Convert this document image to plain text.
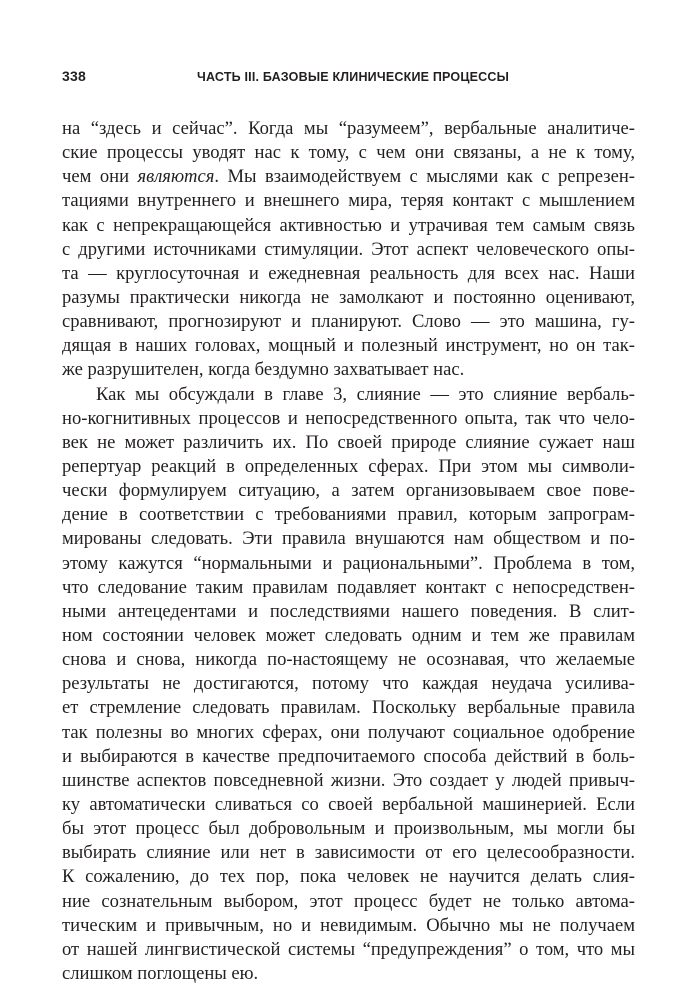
338	ЧАСТЬ III. БАЗОВЫЕ КЛИНИЧЕСКИЕ ПРОЦЕССЫ

на “здесь и сейчас”. Когда мы “разумеем”, вербальные аналитиче-
ские процессы уводят нас к тому, с чем они связаны, а не к тому,
чем они являются. Мы взаимодействуем с мыслями как с репрезен-
тациями внутреннего и внешнего мира, теряя контакт с мышлением
как с непрекращающейся активностью и утрачивая тем самым связь
с другими источниками стимуляции. Этот аспект человеческого опы-
та — круглосуточная и ежедневная реальность для всех нас. Наши
разумы практически никогда не замолкают и постоянно оценивают,
сравнивают, прогнозируют и планируют. Слово — это машина, гу-
дящая в наших головах, мощный и полезный инструмент, но он так-
же разрушителен, когда бездумно захватывает нас.

Как мы обсуждали в главе 3, слияние — это слияние вербаль-
но-когнитивных процессов и непосредственного опыта, так что чело-
век не может различить их. По своей природе слияние сужает наш
репертуар реакций в определенных сферах. При этом мы символи-
чески формулируем ситуацию, а затем организовываем свое пове-
дение в соответствии с требованиями правил, которым запрограм-
мированы следовать. Эти правила внушаются нам обществом и по-
этому кажутся “нормальными и рациональными”. Проблема в том,
что следование таким правилам подавляет контакт с непосредствен-
ными антецедентами и последствиями нашего поведения. В слит-
ном состоянии человек может следовать одним и тем же правилам
снова и снова, никогда по-настоящему не осознавая, что желаемые
результаты не достигаются, потому что каждая неудача усилива-
ет стремление следовать правилам. Поскольку вербальные правила
так полезны во многих сферах, они получают социальное одобрение
и выбираются в качестве предпочитаемого способа действий в боль-
шинстве аспектов повседневной жизни. Это создает у людей привыч-
ку автоматически сливаться со своей вербальной машинерией. Если
бы этот процесс был добровольным и произвольным, мы могли бы
выбирать слияние или нет в зависимости от его целесообразности.
К сожалению, до тех пор, пока человек не научится делать слия-
ние сознательным выбором, этот процесс будет не только автома-
тическим и привычным, но и невидимым. Обычно мы не получаем
от нашей лингвистической системы “предупреждения” о том, что мы
слишком поглощены ею.
